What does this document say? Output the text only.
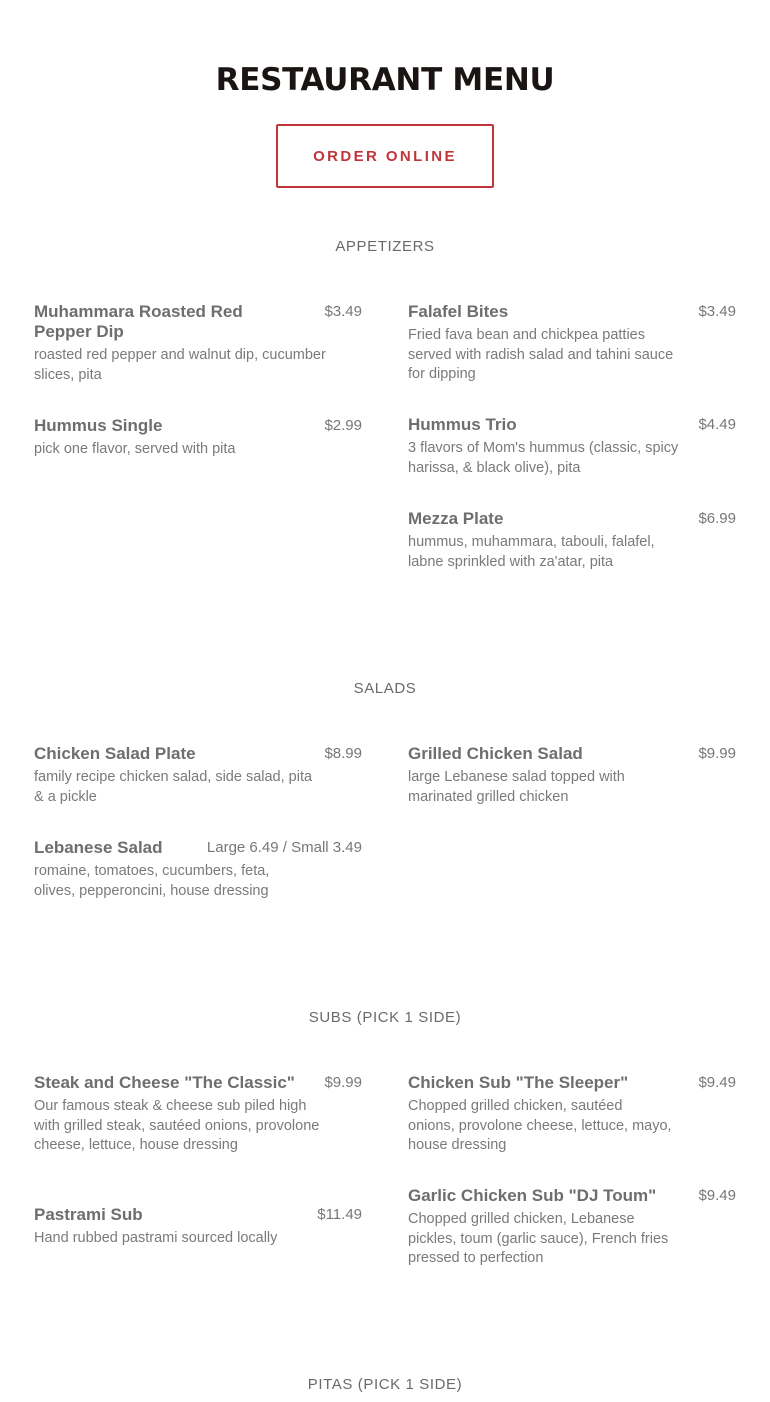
RESTAURANT MENU
ORDER ONLINE
APPETIZERS
Muhammara Roasted Red Pepper Dip
$3.49
roasted red pepper and walnut dip, cucumber slices, pita
Falafel Bites	$3.49
Fried fava bean and chickpea patties served with radish salad and tahini sauce for dipping
Hummus Single	$2.99
pick one flavor, served with pita
Hummus Trio	$4.49
3 flavors of Mom's hummus (classic, spicy harissa, & black olive), pita
Mezza Plate	$6.99
hummus, muhammara, tabouli, falafel, labne sprinkled with za'atar, pita
SALADS
Chicken Salad Plate	$8.99
family recipe chicken salad, side salad, pita & a pickle
Grilled Chicken Salad	$9.99
large Lebanese salad topped with marinated grilled chicken
Lebanese Salad	Large 6.49 / Small 3.49
romaine, tomatoes, cucumbers, feta, olives, pepperoncini, house dressing
SUBS (PICK 1 SIDE)
Steak and Cheese "The Classic"	$9.99
Our famous steak & cheese sub piled high with grilled steak, sautéed onions, provolone cheese, lettuce, house dressing
Chicken Sub "The Sleeper"	$9.49
Chopped grilled chicken, sautéed onions, provolone cheese, lettuce, mayo, house dressing
Pastrami Sub	$11.49
Hand rubbed pastrami sourced locally
Garlic Chicken Sub "DJ Toum"	$9.49
Chopped grilled chicken, Lebanese pickles, toum (garlic sauce), French fries pressed to perfection
PITAS (PICK 1 SIDE)
